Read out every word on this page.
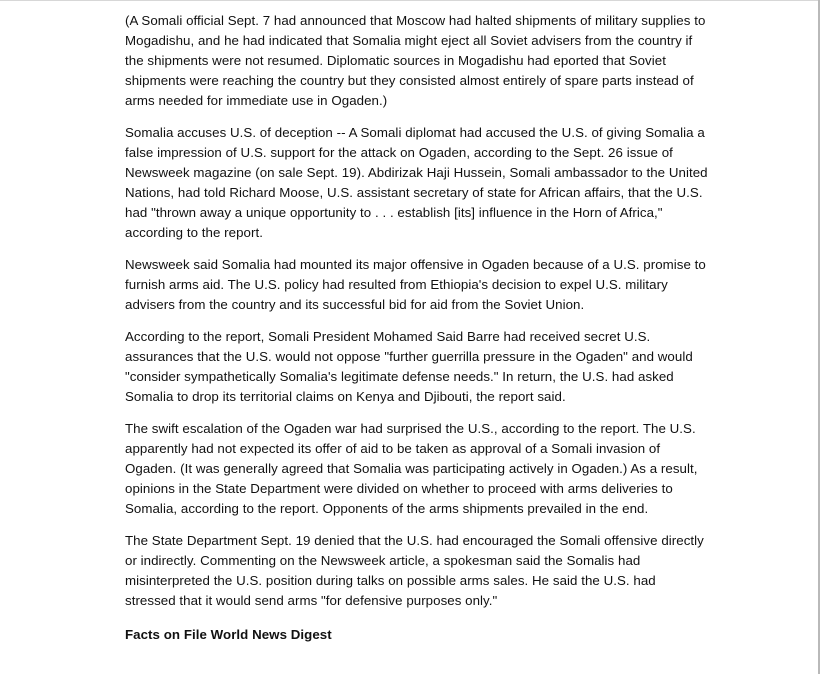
(A Somali official Sept. 7 had announced that Moscow had halted shipments of military supplies to Mogadishu, and he had indicated that Somalia might eject all Soviet advisers from the country if the shipments were not resumed. Diplomatic sources in Mogadishu had eported that Soviet shipments were reaching the country but they consisted almost entirely of spare parts instead of arms needed for immediate use in Ogaden.)

Somalia accuses U.S. of deception -- A Somali diplomat had accused the U.S. of giving Somalia a false impression of U.S. support for the attack on Ogaden, according to the Sept. 26 issue of Newsweek magazine (on sale Sept. 19). Abdirizak Haji Hussein, Somali ambassador to the United Nations, had told Richard Moose, U.S. assistant secretary of state for African affairs, that the U.S. had "thrown away a unique opportunity to . . . establish [its] influence in the Horn of Africa," according to the report.

Newsweek said Somalia had mounted its major offensive in Ogaden because of a U.S. promise to furnish arms aid. The U.S. policy had resulted from Ethiopia's decision to expel U.S. military advisers from the country and its successful bid for aid from the Soviet Union.

According to the report, Somali President Mohamed Said Barre had received secret U.S. assurances that the U.S. would not oppose "further guerrilla pressure in the Ogaden" and would "consider sympathetically Somalia's legitimate defense needs." In return, the U.S. had asked Somalia to drop its territorial claims on Kenya and Djibouti, the report said.

The swift escalation of the Ogaden war had surprised the U.S., according to the report. The U.S. apparently had not expected its offer of aid to be taken as approval of a Somali invasion of Ogaden. (It was generally agreed that Somalia was participating actively in Ogaden.) As a result, opinions in the State Department were divided on whether to proceed with arms deliveries to Somalia, according to the report. Opponents of the arms shipments prevailed in the end.

The State Department Sept. 19 denied that the U.S. had encouraged the Somali offensive directly or indirectly. Commenting on the Newsweek article, a spokesman said the Somalis had misinterpreted the U.S. position during talks on possible arms sales. He said the U.S. had stressed that it would send arms "for defensive purposes only."

Facts on File World News Digest
